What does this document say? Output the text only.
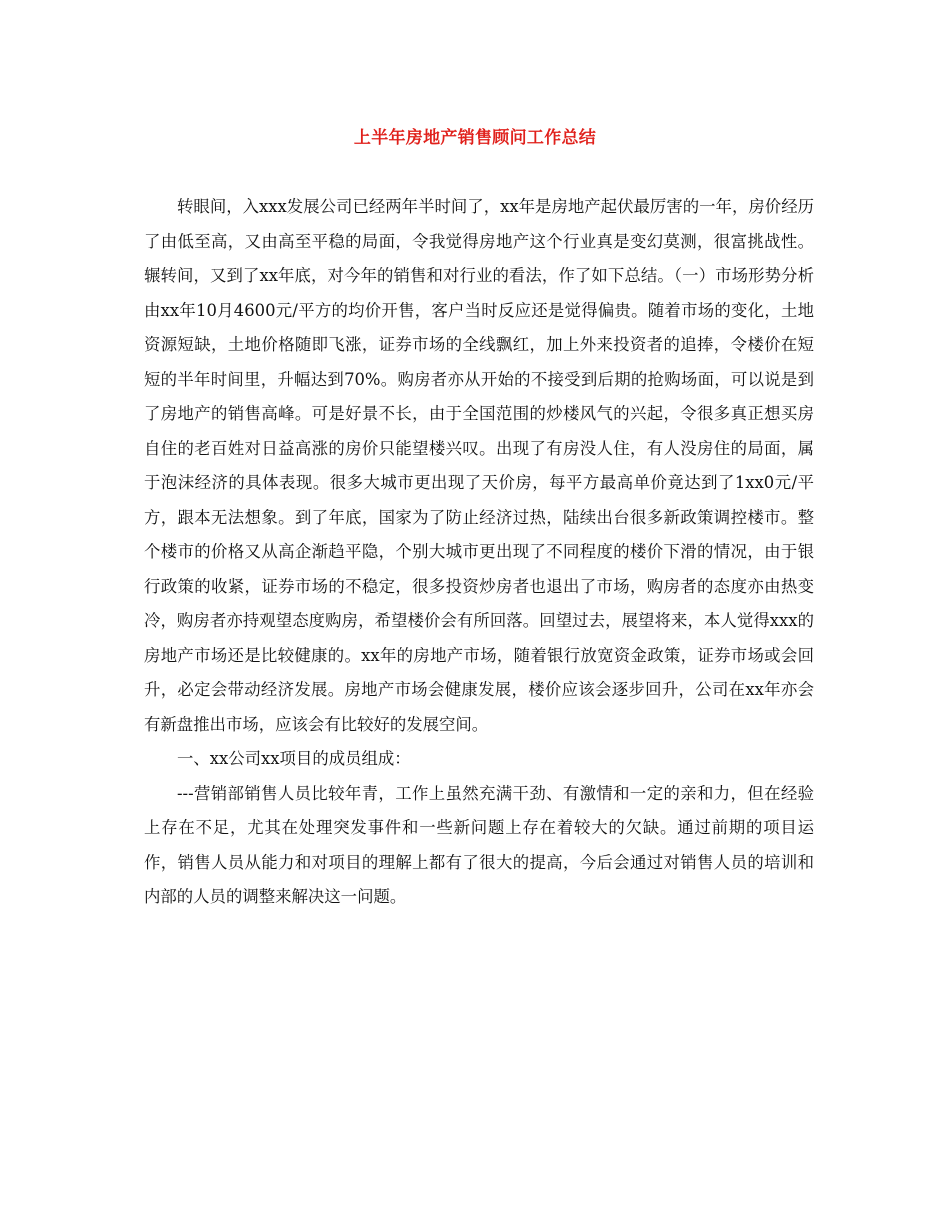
上半年房地产销售顾问工作总结

转眼间，入xxx发展公司已经两年半时间了，xx年是房地产起伏最厉害的一年，房价经历了由低至高，又由高至平稳的局面，令我觉得房地产这个行业真是变幻莫测，很富挑战性。辗转间，又到了xx年底，对今年的销售和对行业的看法，作了如下总结。（一）市场形势分析由xx年10月4600元/平方的均价开售，客户当时反应还是觉得偏贵。随着市场的变化，土地资源短缺，土地价格随即飞涨，证券市场的全线飘红，加上外来投资者的追捧，令楼价在短短的半年时间里，升幅达到70%。购房者亦从开始的不接受到后期的抢购场面，可以说是到了房地产的销售高峰。可是好景不长，由于全国范围的炒楼风气的兴起，令很多真正想买房自住的老百姓对日益高涨的房价只能望楼兴叹。出现了有房没人住，有人没房住的局面，属于泡沫经济的具体表现。很多大城市更出现了天价房，每平方最高单价竟达到了1xx0元/平方，跟本无法想象。到了年底，国家为了防止经济过热，陆续出台很多新政策调控楼市。整个楼市的价格又从高企渐趋平隐，个别大城市更出现了不同程度的楼价下滑的情况，由于银行政策的收紧，证券市场的不稳定，很多投资炒房者也退出了市场，购房者的态度亦由热变冷，购房者亦持观望态度购房，希望楼价会有所回落。回望过去，展望将来，本人觉得xxx的房地产市场还是比较健康的。xx年的房地产市场，随着银行放宽资金政策，证券市场或会回升，必定会带动经济发展。房地产市场会健康发展，楼价应该会逐步回升，公司在xx年亦会有新盘推出市场，应该会有比较好的发展空间。

一、xx公司xx项目的成员组成：

---营销部销售人员比较年青，工作上虽然充满干劲、有激情和一定的亲和力，但在经验上存在不足，尤其在处理突发事件和一些新问题上存在着较大的欠缺。通过前期的项目运作，销售人员从能力和对项目的理解上都有了很大的提高，今后会通过对销售人员的培训和内部的人员的调整来解决这一问题。
